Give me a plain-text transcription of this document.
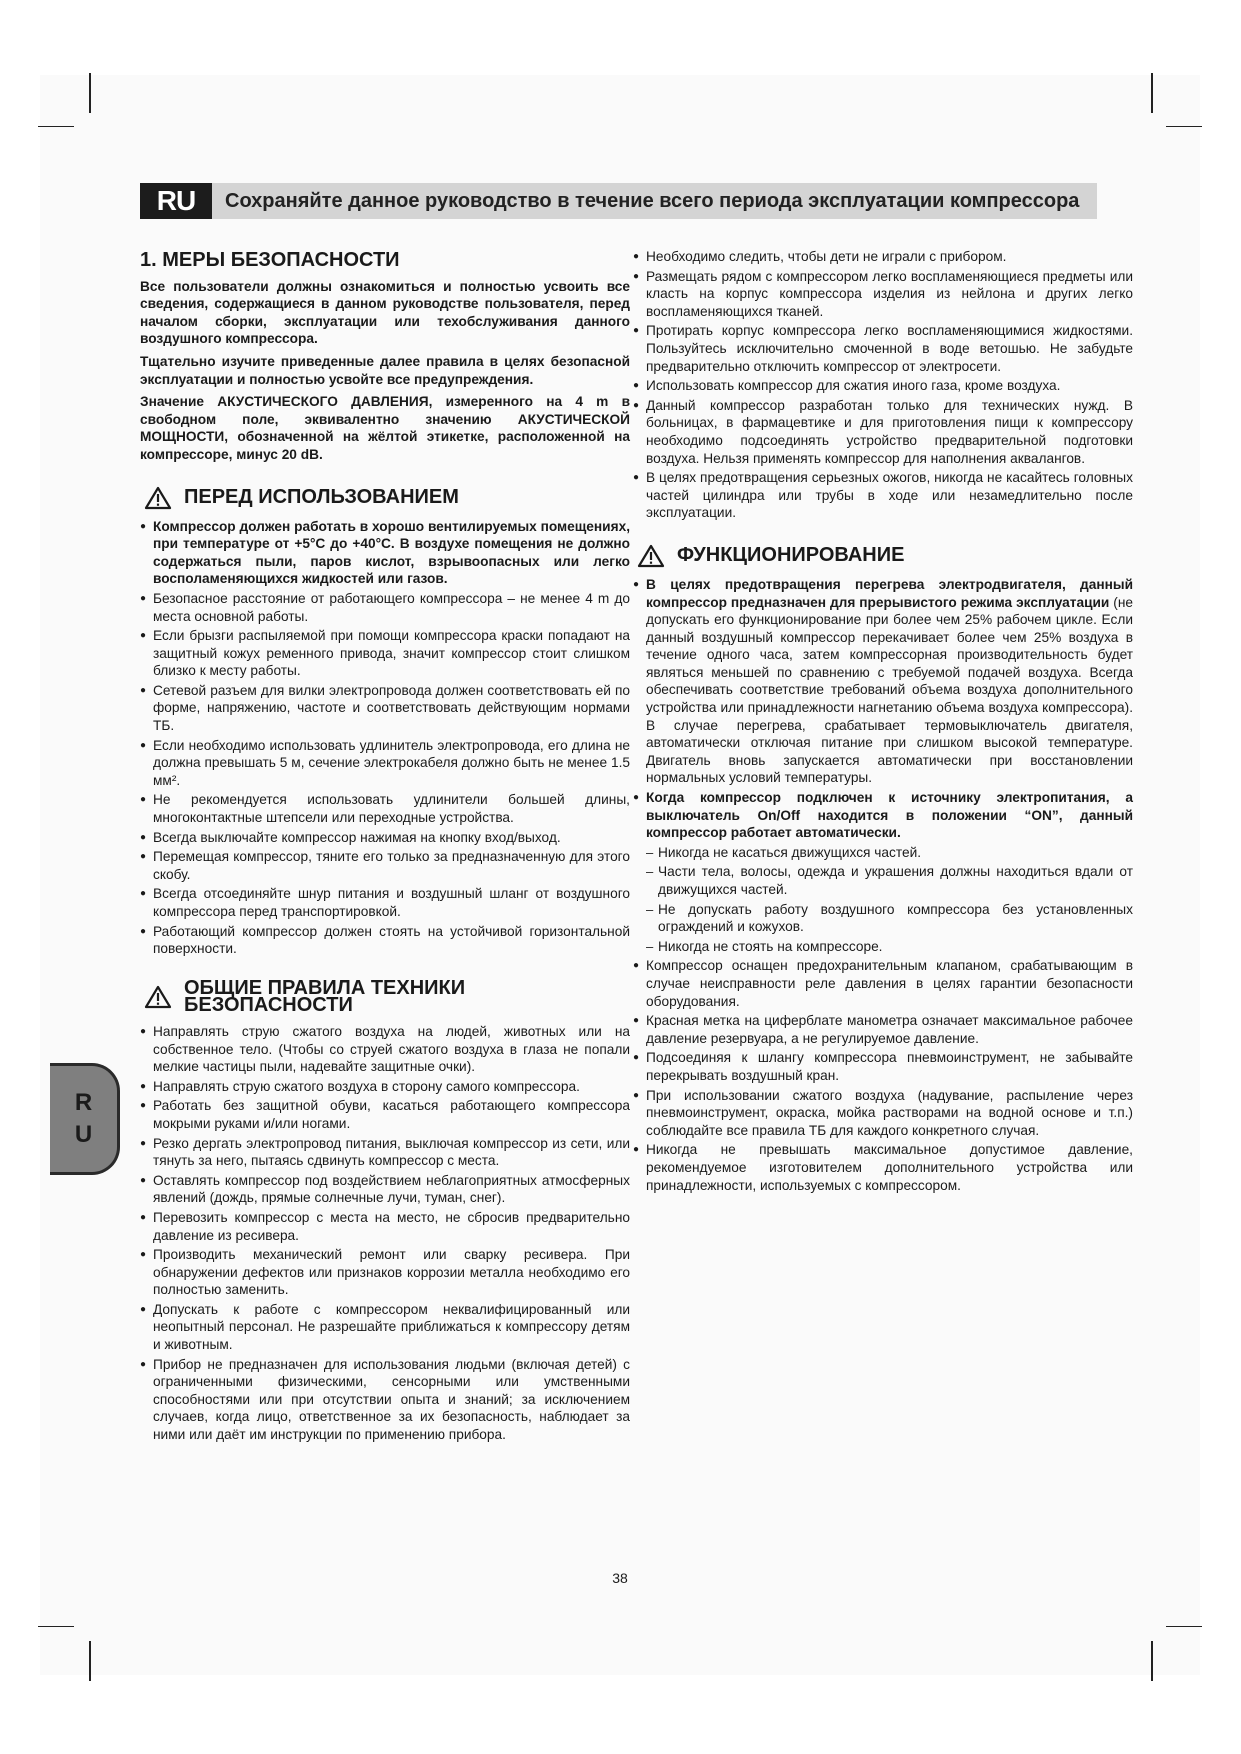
RU	Сохраняйте данное руководство в течение всего периода эксплуатации компрессора
R
U
1. МЕРЫ БЕЗОПАСНОСТИ

Все пользователи должны ознакомиться и полностью усвоить все сведения, содержащиеся в данном руководстве пользователя, перед началом сборки, эксплуатации или техобслуживания данного воздушного компрессора.

Тщательно изучите приведенные далее правила в целях безопасной эксплуатации и полностью усвойте все предупреждения.

Значение АКУСТИЧЕСКОГО ДАВЛЕНИЯ, измеренного на 4 m в свободном поле, эквивалентно значению АКУСТИЧЕСКОЙ МОЩНОСТИ, обозначенной на жёлтой этикетке, расположенной на компрессоре, минус 20 dB.

ПЕРЕД ИСПОЛЬЗОВАНИЕМ
● Компрессор должен работать в хорошо вентилируемых помещениях, при температуре от +5°С до +40°С. В воздухе помещения не должно содержаться пыли, паров кислот, взрывоопасных или легко восполаменяющихся жидкостей или газов.
● Безопасное расстояние от работающего компрессора – не менее 4 m до места основной работы.
● Если брызги распыляемой при помощи компрессора краски попадают на защитный кожух ременного привода, значит компрессор стоит слишком близко к месту работы.
● Сетевой разъем для вилки электропровода должен соответствовать ей по форме, напряжению, частоте и соответствовать действующим нормами ТБ.
● Если необходимо использовать удлинитель электропровода, его длина не должна превышать 5 м, сечение электрокабеля должно быть не менее 1.5 мм².
● Не рекомендуется использовать удлинители большей длины, многоконтактные штепсели или переходные устройства.
● Всегда выключайте компрессор нажимая на кнопку вход/выход.
● Перемещая компрессор, тяните его только за предназначенную для этого скобу.
● Всегда отсоединяйте шнур питания и воздушный шланг от воздушного компрессора перед транспортировкой.
● Работающий компрессор должен стоять на устойчивой горизонтальной поверхности.
ОБЩИЕ ПРАВИЛА ТЕХНИКИ БЕЗОПАСНОСТИ
● Направлять струю сжатого воздуха на людей, животных или на собственное тело. (Чтобы со струей сжатого воздуха в глаза не попали мелкие частицы пыли, надевайте защитные очки).
● Направлять струю сжатого воздуха в сторону самого компрессора.
● Работать без защитной обуви, касаться работающего компрессора мокрыми руками и/или ногами.
● Резко дергать электропровод питания, выключая компрессор из сети, или тянуть за него, пытаясь сдвинуть компрессор с места.
● Оставлять компрессор под воздействием неблагоприятных атмосферных явлений (дождь, прямые солнечные лучи, туман, снег).
● Перевозить компрессор с места на место, не сбросив предварительно давление из ресивера.
● Производить механический ремонт или сварку ресивера. При обнаружении дефектов или признаков коррозии металла необходимо его полностью заменить.
● Допускать к работе с компрессором неквалифицированный или неопытный персонал. Не разрешайте приближаться к компрессору детям и животным.
● Прибор не предназначен для использования людьми (включая детей) с ограниченными физическими, сенсорными или умственными способностями или при отсутствии опыта и знаний; за исключением случаев, когда лицо, ответственное за их безопасность, наблюдает за ними или даёт им инструкции по применению прибора.
● Необходимо следить, чтобы дети не играли с прибором.
● Размещать рядом с компрессором легко воспламеняющиеся предметы или класть на корпус компрессора изделия из нейлона и других легко воспламеняющихся тканей.
● Протирать корпус компрессора легко воспламеняющимися жидкостями. Пользуйтесь исключительно смоченной в воде ветошью. Не забудьте предварительно отключить компрессор от электросети.
● Использовать компрессор для сжатия иного газа, кроме воздуха.
● Данный компрессор разработан только для технических нужд. В больницах, в фармацевтике и для приготовления пищи к компрессору необходимо подсоединять устройство предварительной подготовки воздуха. Нельзя применять компрессор для наполнения аквалангов.
● В целях предотвращения серьезных ожогов, никогда не касайтесь головных частей цилиндра или трубы в ходе или незамедлительно после эксплуатации.
ФУНКЦИОНИРОВАНИЕ
● В целях предотвращения перегрева электродвигателя, данный компрессор предназначен для прерывистого режима эксплуатации (не допускать его функционирование при более чем 25% рабочем цикле. Если данный воздушный компрессор перекачивает более чем 25% воздуха в течение одного часа, затем компрессорная производительность будет являться меньшей по сравнению с требуемой подачей воздуха. Всегда обеспечивать соответствие требований объема воздуха дополнительного устройства или принадлежности нагнетанию объема воздуха компрессора). В случае перегрева, срабатывает термовыключатель двигателя, автоматически отключая питание при слишком высокой температуре. Двигатель вновь запускается автоматически при восстановлении нормальных условий температуры.
● Когда компрессор подключен к источнику электропитания, а выключатель On/Off находится в положении “ON”, данный компрессор работает автоматически.
– Никогда не касаться движущихся частей.
– Части тела, волосы, одежда и украшения должны находиться вдали от движущихся частей.
– Не допускать работу воздушного компрессора без установленных ограждений и кожухов.
– Никогда не стоять на компрессоре.
● Компрессор оснащен предохранительным клапаном, срабатывающим в случае неисправности реле давления в целях гарантии безопасности оборудования.
● Красная метка на циферблате манометра означает максимальное рабочее давление резервуара, а не регулируемое давление.
● Подсоединяя к шлангу компрессора пневмоинструмент, не забывайте перекрывать воздушный кран.
● При использовании сжатого воздуха (надувание, распыление через пневмоинструмент, окраска, мойка растворами на водной основе и т.п.) соблюдайте все правила ТБ для каждого конкретного случая.
● Никогда не превышать максимальное допустимое давление, рекомендуемое изготовителем дополнительного устройства или принадлежности, используемых с компрессором.
38
